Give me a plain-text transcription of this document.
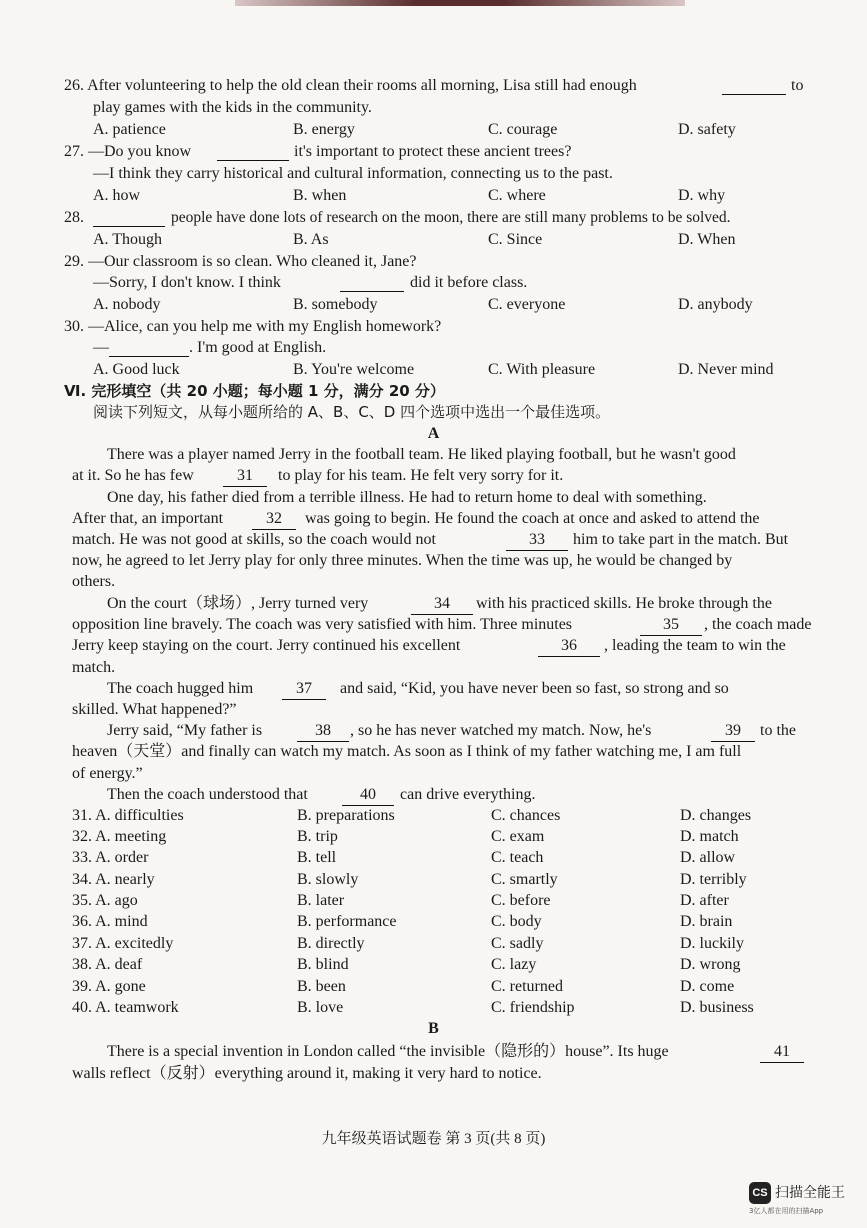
26. After volunteering to help the old clean their rooms all morning, Lisa still had enough	to
play games with the kids in the community.
A. patience	B. energy	C. courage	D. safety
27. —Do you know	it's important to protect these ancient trees?
—I think they carry historical and cultural information, connecting us to the past.
A. how	B. when	C. where	D. why
28.	people have done lots of research on the moon, there are still many problems to be solved.
A. Though	B. As	C. Since	D. When
29. —Our classroom is so clean. Who cleaned it, Jane?
—Sorry, I don't know. I think	did it before class.
A. nobody	B. somebody	C. everyone	D. anybody
30. —Alice, can you help me with my English homework?
—	. I'm good at English.
A. Good luck	B. You're welcome	C. With pleasure	D. Never mind
Ⅵ. 完形填空（共 20 小题；每小题 1 分，满分 20 分）
阅读下列短文，从每小题所给的 A、B、C、D 四个选项中选出一个最佳选项。
A
There was a player named Jerry in the football team. He liked playing football, but he wasn't good
at it. So he has few	31	to play for his team. He felt very sorry for it.
One day, his father died from a terrible illness. He had to return home to deal with something.
After that, an important	32	was going to begin. He found the coach at once and asked to attend the
match. He was not good at skills, so the coach would not	33	him to take part in the match. But
now, he agreed to let Jerry play for only three minutes. When the time was up, he would be changed by
others.
On the court（球场）, Jerry turned very	34	with his practiced skills. He broke through the
opposition line bravely. The coach was very satisfied with him. Three minutes	35	, the coach made
Jerry keep staying on the court. Jerry continued his excellent	36	, leading the team to win the
match.
The coach hugged him	37	and said, “Kid, you have never been so fast, so strong and so
skilled. What happened?”
Jerry said, “My father is	38	, so he has never watched my match. Now, he's	39	to the
heaven（天堂）and finally can watch my match. As soon as I think of my father watching me, I am full
of energy.”
Then the coach understood that	40	can drive everything.
31. A. difficulties	B. preparations	C. chances	D. changes
32. A. meeting	B. trip	C. exam	D. match
33. A. order	B. tell	C. teach	D. allow
34. A. nearly	B. slowly	C. smartly	D. terribly
35. A. ago	B. later	C. before	D. after
36. A. mind	B. performance	C. body	D. brain
37. A. excitedly	B. directly	C. sadly	D. luckily
38. A. deaf	B. blind	C. lazy	D. wrong
39. A. gone	B. been	C. returned	D. come
40. A. teamwork	B. love	C. friendship	D. business
B
There is a special invention in London called “the invisible（隐形的）house”. Its huge	41
walls reflect（反射）everything around it, making it very hard to notice.
九年级英语试题卷 第 3 页(共 8 页)
CS 扫描全能王
3亿人都在用的扫描App
